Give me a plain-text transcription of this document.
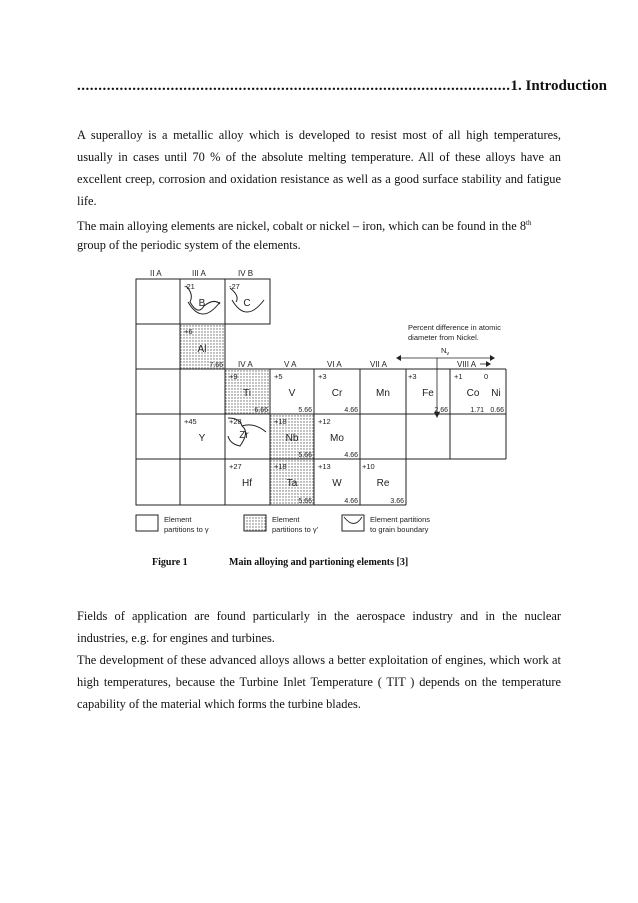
......................................................................................................1. Introduction

A superalloy is a metallic alloy which is developed to resist most of all high temperatures, usually in cases until 70 % of the absolute melting temperature. All of these alloys have an excellent creep, corrosion and oxidation resistance as well as a good surface stability and fatigue life.

The main alloying elements are nickel, cobalt or nickel – iron, which can be found in the 8th

group of the periodic system of the elements.

II A	III A	IV B
IV A	V A	VI A	VII A	VIII A
Percent difference in atomic
diameter from Nickel.
$N_v$
-21	-27
+6
+9	+5	+3	+3	+1	0
+45	+28	+18	+12
+27	+18	+13	+10
B	C
Al
Ti	V	Cr	Mn	Fe	Co Ni
Y	Zr	Nb	Mo
Hf	Ta	W	Re
7.66
6.66	5.66	4.66	2.66	1.71 0.66
5.66	4.66
5.66	4.66	3.66
Element
partitions to γ
Element
partitions to γ'
Element partitions
to grain boundary
Figure 1	Main alloying and partioning elements [3]

Fields of application are found particularly in the aerospace industry and in the nuclear industries, e.g. for engines and turbines.

The development of these advanced alloys allows a better exploitation of engines, which work at high temperatures, because the Turbine Inlet Temperature ( TIT ) depends on the temperature capability of the material which forms the turbine blades.
